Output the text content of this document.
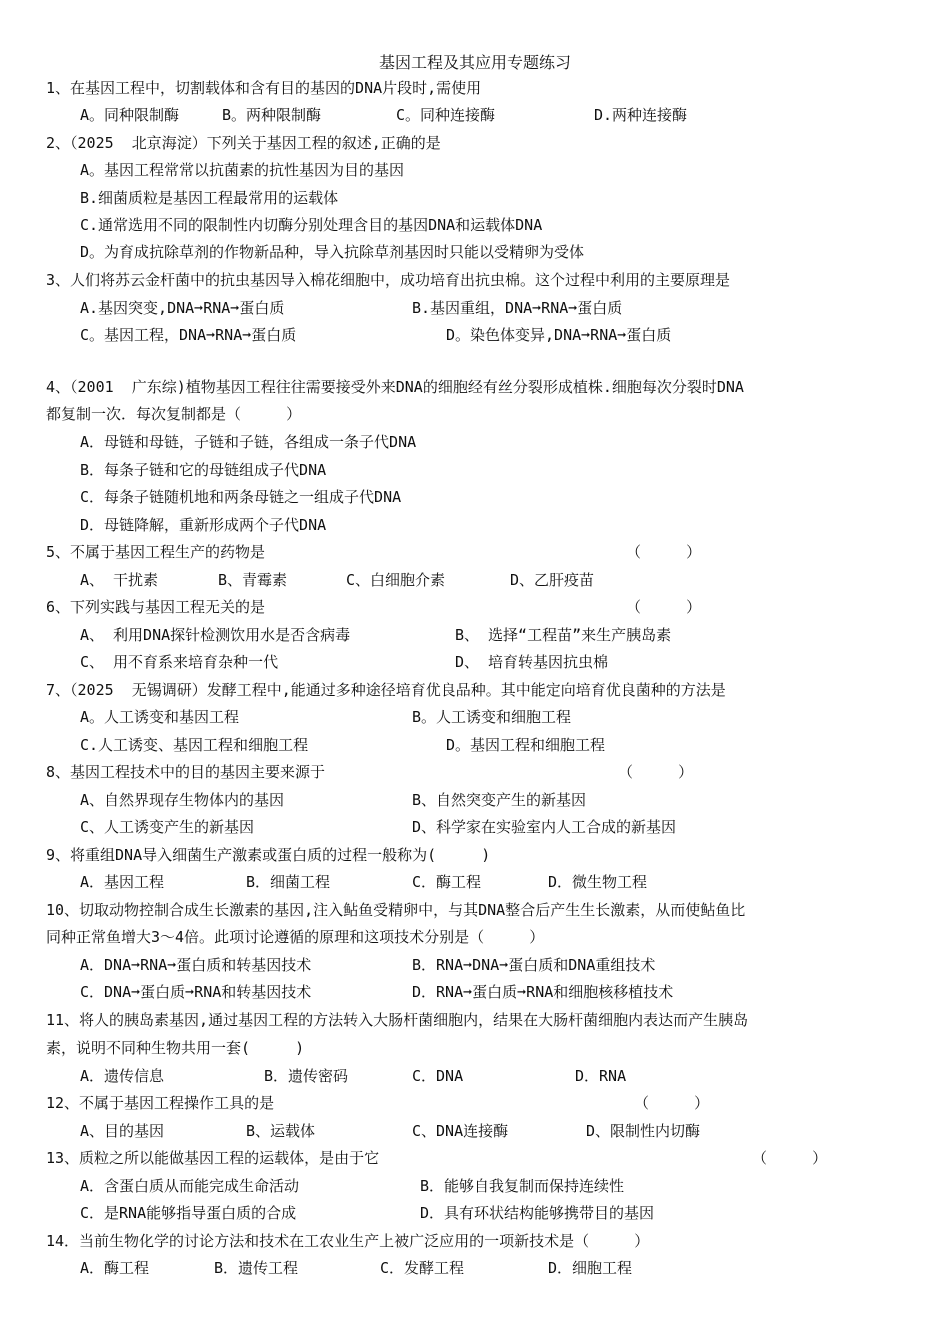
基因工程及其应用专题练习
1、在基因工程中，切割载体和含有目的基因的DNA片段时,需使用
A。同种限制酶	B。两种限制酶	C。同种连接酶	D.两种连接酶
2、（2025  北京海淀）下列关于基因工程的叙述,正确的是
A。基因工程常常以抗菌素的抗性基因为目的基因
B.细菌质粒是基因工程最常用的运载体
C.通常选用不同的限制性内切酶分别处理含目的基因DNA和运载体DNA
D。为育成抗除草剂的作物新品种，导入抗除草剂基因时只能以受精卵为受体
3、人们将苏云金杆菌中的抗虫基因导入棉花细胞中，成功培育出抗虫棉。这个过程中利用的主要原理是
A.基因突变,DNA➞RNA➞蛋白质	B.基因重组，DNA➞RNA➞蛋白质
C。基因工程，DNA➞RNA➞蛋白质	D。染色体变异,DNA➞RNA➞蛋白质
4、（2001  广东综)植物基因工程往往需要接受外来DNA的细胞经有丝分裂形成植株.细胞每次分裂时DNA
都复制一次．每次复制都是（     ）
A．母链和母链，子链和子链，各组成一条子代DNA
B．每条子链和它的母链组成子代DNA
C．每条子链随机地和两条母链之一组成子代DNA
D．母链降解，重新形成两个子代DNA
5、不属于基因工程生产的药物是	（     ）
A、 干扰素	B、青霉素	C、白细胞介素	D、乙肝疫苗
6、下列实践与基因工程无关的是	（     ）
A、 利用DNA探针检测饮用水是否含病毒	B、 选择“工程苗”来生产胰岛素
C、 用不育系来培育杂种一代	D、 培育转基因抗虫棉
7、（2025  无锡调研）发酵工程中,能通过多种途径培育优良品种。其中能定向培育优良菌种的方法是
A。人工诱变和基因工程	B。人工诱变和细胞工程
C.人工诱变、基因工程和细胞工程	D。基因工程和细胞工程
8、基因工程技术中的目的基因主要来源于	（     ）
A、自然界现存生物体内的基因	B、自然突变产生的新基因
C、人工诱变产生的新基因	D、科学家在实验室内人工合成的新基因
9、将重组DNA导入细菌生产激素或蛋白质的过程一般称为(     )
A．基因工程	B．细菌工程	C．酶工程	D．微生物工程
10、切取动物控制合成生长激素的基因,注入鲇鱼受精卵中，与其DNA整合后产生生长激素，从而使鲇鱼比
同种正常鱼增大3～4倍。此项讨论遵循的原理和这项技术分别是（     ）
A．DNA➞RNA➞蛋白质和转基因技术	B．RNA➞DNA➞蛋白质和DNA重组技术
C．DNA➞蛋白质➞RNA和转基因技术	D．RNA➞蛋白质➞RNA和细胞核移植技术
11、将人的胰岛素基因,通过基因工程的方法转入大肠杆菌细胞内，结果在大肠杆菌细胞内表达而产生胰岛
素，说明不同种生物共用一套(     )
A．遗传信息	B．遗传密码	C．DNA	D．RNA
12、不属于基因工程操作工具的是	（     ）
A、目的基因	B、运载体	C、DNA连接酶	D、限制性内切酶
13、质粒之所以能做基因工程的运载体，是由于它	（     ）
A．含蛋白质从而能完成生命活动	B．能够自我复制而保持连续性
C．是RNA能够指导蛋白质的合成	D．具有环状结构能够携带目的基因
14．当前生物化学的讨论方法和技术在工农业生产上被广泛应用的一项新技术是（     ）
A．酶工程	B．遗传工程	C．发酵工程	D．细胞工程
